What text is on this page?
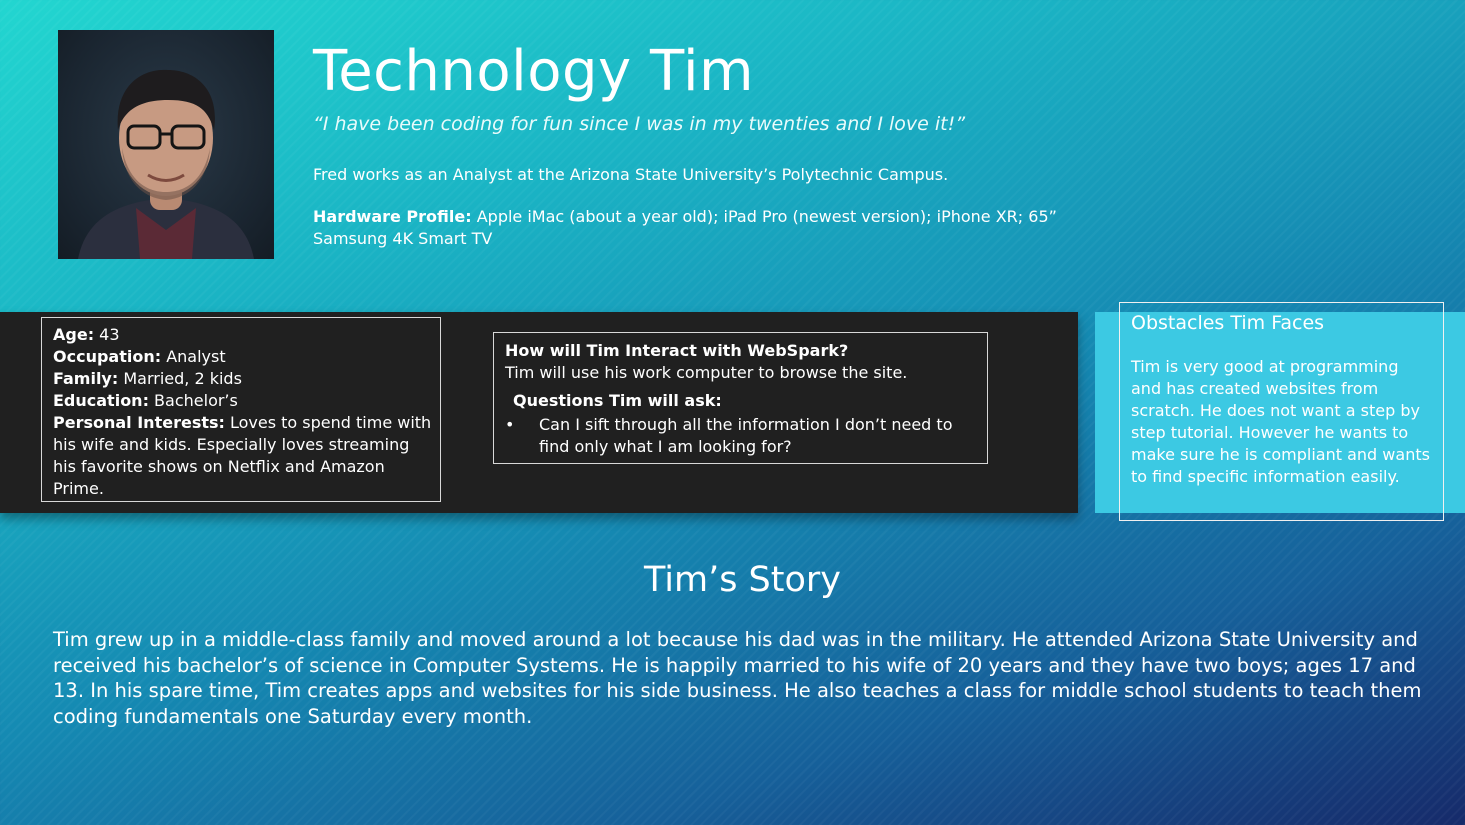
Technology Tim

“I have been coding for fun since I was in my twenties and I love it!”

Fred works as an Analyst at the Arizona State University’s Polytechnic Campus.

Hardware Profile: Apple iMac (about a year old); iPad Pro (newest version); iPhone XR; 65” Samsung 4K Smart TV

Age: 43

Occupation: Analyst

Family: Married, 2 kids

Education: Bachelor’s

Personal Interests: Loves to spend time with his wife and kids. Especially loves streaming his favorite shows on Netflix and Amazon Prime.

How will Tim Interact with WebSpark?

Tim will use his work computer to browse the site.

Questions Tim will ask:

• Can I sift through all the information I don’t need to find only what I am looking for?
Obstacles Tim Faces

Tim is very good at programming and has created websites from scratch. He does not want a step by step tutorial. However he wants to make sure he is compliant and wants to find specific information easily.

Tim’s Story

Tim grew up in a middle-class family and moved around a lot because his dad was in the military. He attended Arizona State University and received his bachelor’s of science in Computer Systems. He is happily married to his wife of 20 years and they have two boys; ages 17 and 13. In his spare time, Tim creates apps and websites for his side business. He also teaches a class for middle school students to teach them coding fundamentals one Saturday every month.
